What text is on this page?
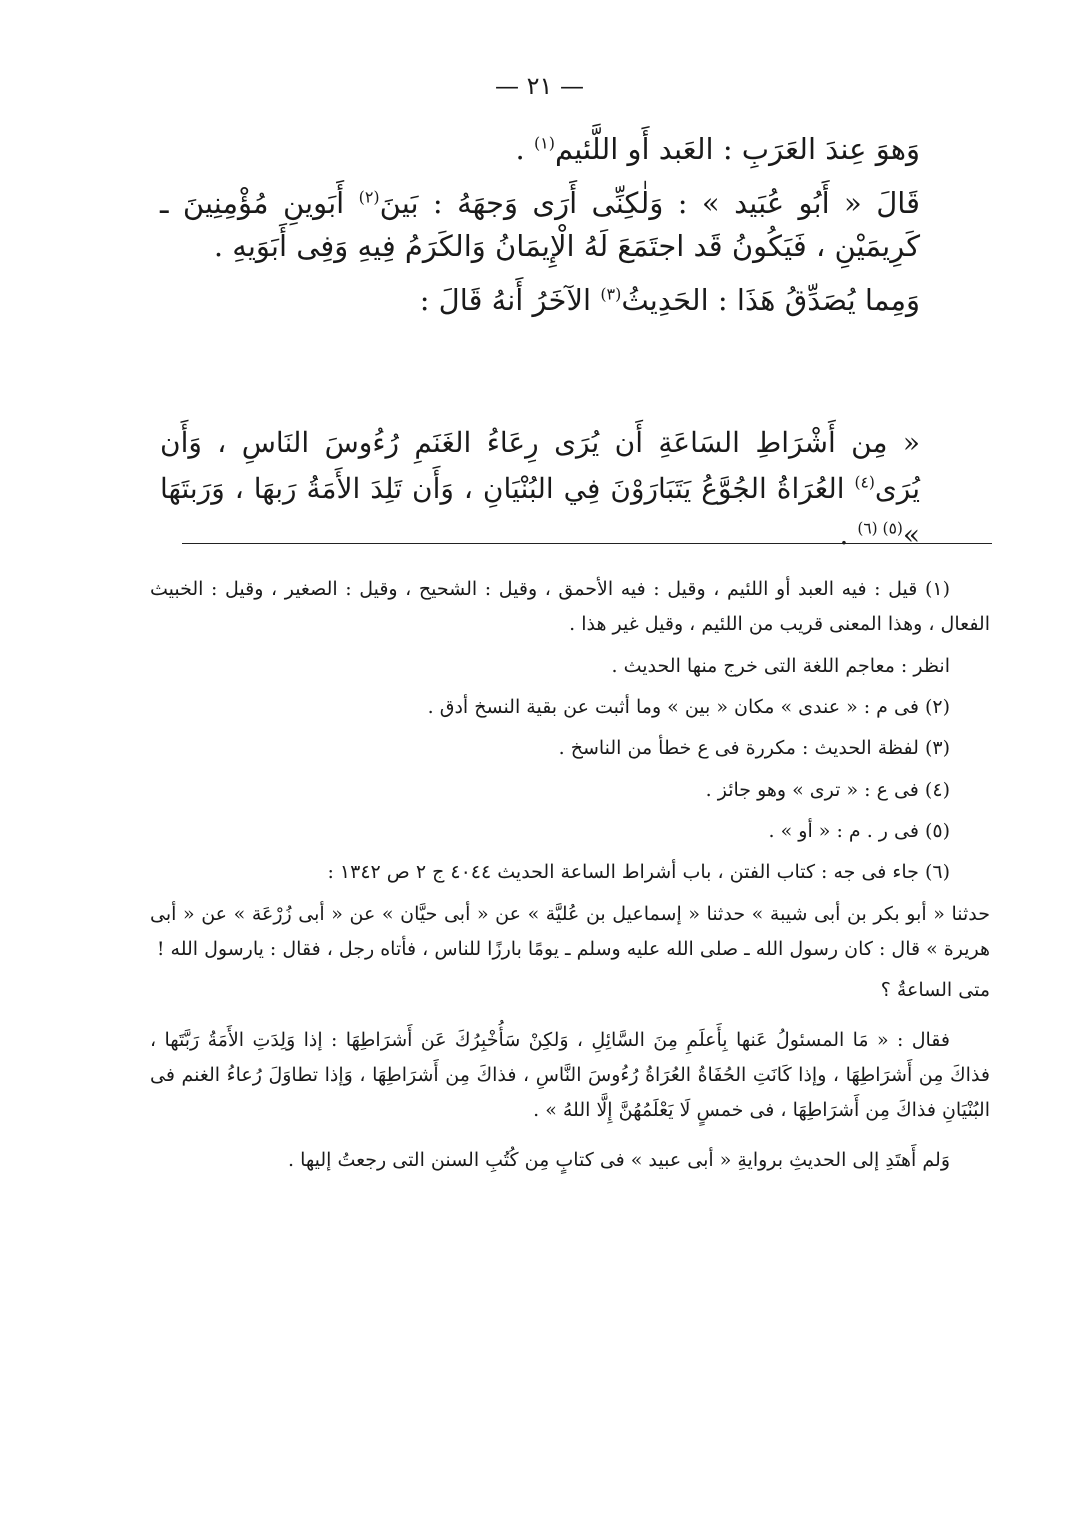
— ٢١ —

وَهوَ عِندَ العَرَبِ : العَبد أَو اللَّئيم$^{(١)}$ .

قَالَ « أَبُو عُبَيد » : وَلٰكِنِّى أَرَى وَجهَهُ : بَينَ$^{(٢)}$ أَبَوينِ مُؤْمِنِينَ ـ كَرِيمَيْنِ ، فَيَكُونُ قَد اجتَمَعَ لَهُ الْإِيمَانُ وَالكَرَمُ فِيهِ وَفِى أَبَوَيهِ .

وَمِما يُصَدِّقُ هَذَا : الحَدِيثُ$^{(٣)}$ الآخَرُ أَنهُ قَالَ :

« مِن أَشْرَاطِ السَاعَةِ أَن يُرَى رِعَاءُ الغَنَمِ رُءُوسَ النَاسِ ، وَأَن يُرَى$^{(٤)}$ العُرَاةُ الجُوَّعُ يَتَبَارَوْنَ فِي البُنْيَانِ ، وَأَن تَلِدَ الأَمَةُ رَبهَا ، وَرَبتَهَا »$^{(٥) (٦)}$ .

(١) قيل : فيه العبد أو اللئيم ، وقيل : فيه الأحمق ، وقيل : الشحيح ، وقيل : الصغير ، وقيل : الخبيث الفعال ، وهذا المعنى قريب من اللئيم ، وقيل غير هذا .

انظر : معاجم اللغة التى خرج منها الحديث .

(٢) فى م : « عندى » مكان « بين » وما أثبت عن بقية النسخ أدق .

(٣) لفظة الحديث : مكررة فى ع خطأ من الناسخ .

(٤) فى ع : « ترى » وهو جائز .

(٥) فى ر . م : « أو » .

(٦) جاء فى جه : كتاب الفتن ، باب أشراط الساعة الحديث ٤٠٤٤ ج ٢ ص ١٣٤٢ :

حدثنا « أبو بكر بن أبى شيبة » حدثنا « إسماعيل بن عُليَّة » عن « أبى حيَّان » عن « أبى زُرْعَة » عن « أبى هريرة » قال : كان رسول الله ـ صلى الله عليه وسلم ـ يومًا بارزًا للناس ، فأتاه رجل ، فقال : يارسول الله !

متى الساعةُ ؟

فقال : « مَا المسئولُ عَنها بِأَعلَمِ مِنَ السَّائِلِ ، وَلكِنْ سَأُخْبِرُكَ عَن أَشرَاطِهَا : إذا وَلِدَتِ الأَمَةُ رَبَّتَها ، فذاكَ مِن أَشرَاطِهَا ، وإذا كَانَتِ الحُفَاةُ العُرَاةُ رُءُوسَ النَّاسِ ، فذاكَ مِن أَشرَاطِهَا ، وَإذا تطاوَلَ رُعاءُ الغنم فى البُنْيَانِ فذاكَ مِن أَشرَاطِهَا ، فى خمسٍ لَا يَعْلَمُهُنَّ إِلَّا اللهُ » .

وَلم أَهتَدِ إلى الحديثِ بروايةِ « أبى عبيد » فى كتابٍ مِن كُتُبِ السنن التى رجعتُ إليها .
